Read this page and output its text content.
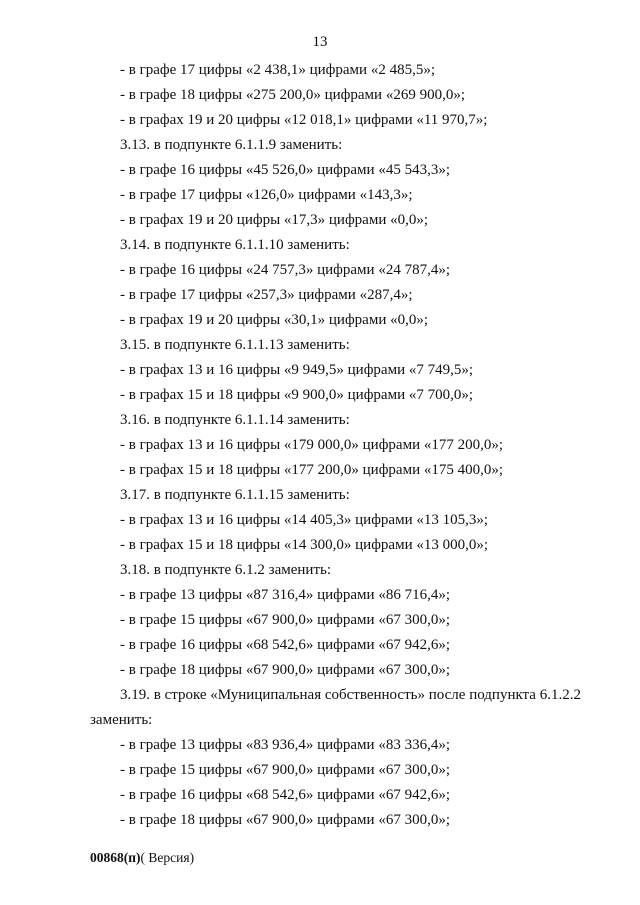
13
- в графе 17 цифры «2 438,1» цифрами «2 485,5»;
- в графе 18 цифры «275 200,0» цифрами «269 900,0»;
- в графах 19 и 20 цифры «12 018,1» цифрами «11 970,7»;
3.13. в подпункте 6.1.1.9 заменить:
- в графе 16 цифры «45 526,0» цифрами «45 543,3»;
- в графе 17 цифры «126,0» цифрами «143,3»;
- в графах 19 и 20 цифры «17,3» цифрами «0,0»;
3.14. в подпункте 6.1.1.10 заменить:
- в графе 16 цифры «24 757,3» цифрами «24 787,4»;
- в графе 17 цифры «257,3» цифрами «287,4»;
- в графах 19 и 20 цифры «30,1» цифрами «0,0»;
3.15. в подпункте 6.1.1.13 заменить:
- в графах 13 и 16 цифры «9 949,5» цифрами «7 749,5»;
- в графах 15 и 18 цифры «9 900,0» цифрами «7 700,0»;
3.16. в подпункте 6.1.1.14 заменить:
- в графах 13 и 16 цифры «179 000,0» цифрами «177 200,0»;
- в графах 15 и 18 цифры «177 200,0» цифрами «175 400,0»;
3.17. в подпункте 6.1.1.15 заменить:
- в графах 13 и 16 цифры «14 405,3» цифрами «13 105,3»;
- в графах 15 и 18 цифры «14 300,0» цифрами «13 000,0»;
3.18. в подпункте 6.1.2 заменить:
- в графе 13 цифры «87 316,4» цифрами «86 716,4»;
- в графе 15 цифры «67 900,0» цифрами «67 300,0»;
- в графе 16 цифры «68 542,6» цифрами «67 942,6»;
- в графе 18 цифры «67 900,0» цифрами «67 300,0»;
3.19. в строке «Муниципальная собственность» после подпункта 6.1.2.2
заменить:
- в графе 13 цифры «83 936,4» цифрами «83 336,4»;
- в графе 15 цифры «67 900,0» цифрами «67 300,0»;
- в графе 16 цифры «68 542,6» цифрами «67 942,6»;
- в графе 18 цифры «67 900,0» цифрами «67 300,0»;
00868(п)( Версия)
